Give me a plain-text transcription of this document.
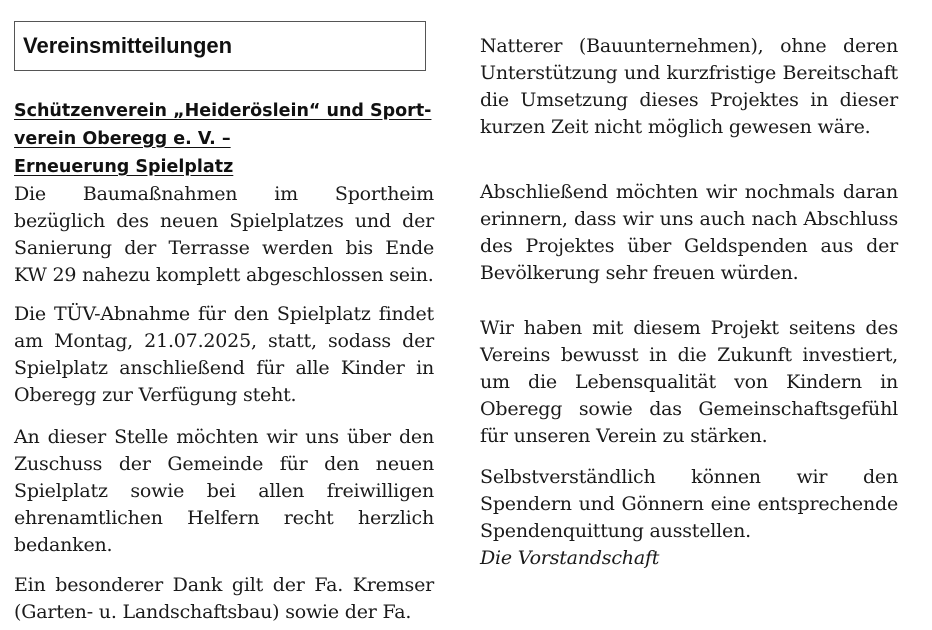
Vereinsmitteilungen
Schützenverein „Heideröslein“ und Sport-
verein Oberegg e. V. –
Erneuerung Spielplatz

Die Baumaßnahmen im Sportheim bezüglich des neuen Spielplatzes und der Sanierung der Terrasse werden bis Ende KW 29 nahezu komplett abgeschlossen sein.

Die TÜV-Abnahme für den Spielplatz findet am Montag, 21.07.2025, statt, sodass der Spielplatz anschließend für alle Kinder in Oberegg zur Verfügung steht.

An dieser Stelle möchten wir uns über den Zuschuss der Gemeinde für den neuen Spielplatz sowie bei allen freiwilligen ehrenamtlichen Helfern recht herzlich bedanken.

Ein besonderer Dank gilt der Fa. Kremser (Garten- u. Landschaftsbau) sowie der Fa.

Natterer (Bauunternehmen), ohne deren Unterstützung und kurzfristige Bereitschaft die Umsetzung dieses Projektes in dieser kurzen Zeit nicht möglich gewesen wäre.

Abschließend möchten wir nochmals daran erinnern, dass wir uns auch nach Abschluss des Projektes über Geldspenden aus der Bevölkerung sehr freuen würden.

Wir haben mit diesem Projekt seitens des Vereins bewusst in die Zukunft investiert, um die Lebensqualität von Kindern in Oberegg sowie das Gemeinschaftsgefühl für unseren Verein zu stärken.

Selbstverständlich können wir den Spendern und Gönnern eine entsprechende Spendenquittung ausstellen.

Die Vorstandschaft
